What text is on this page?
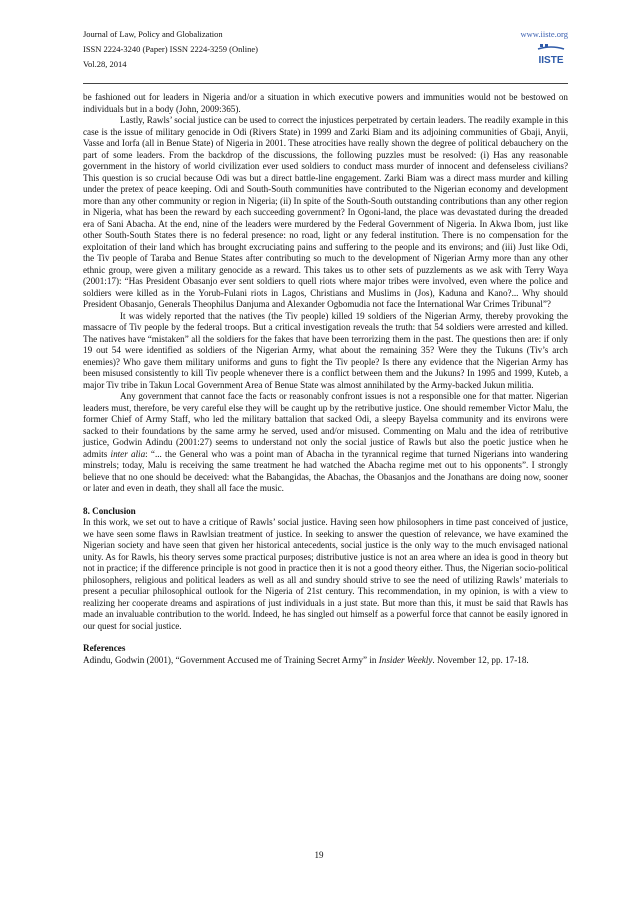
Journal of Law, Policy and Globalization
ISSN 2224-3240 (Paper) ISSN 2224-3259 (Online)
Vol.28, 2014
www.iiste.org
IISTE

be fashioned out for leaders in Nigeria and/or a situation in which executive powers and immunities would not be bestowed on individuals but in a body (John, 2009:365).

Lastly, Rawls’ social justice can be used to correct the injustices perpetrated by certain leaders. The readily example in this case is the issue of military genocide in Odi (Rivers State) in 1999 and Zarki Biam and its adjoining communities of Gbaji, Anyii, Vasse and Iorfa (all in Benue State) of Nigeria in 2001. These atrocities have really shown the degree of political debauchery on the part of some leaders. From the backdrop of the discussions, the following puzzles must be resolved: (i) Has any reasonable government in the history of world civilization ever used soldiers to conduct mass murder of innocent and defenseless civilians? This question is so crucial because Odi was but a direct battle-line engagement. Zarki Biam was a direct mass murder and killing under the pretex of peace keeping. Odi and South-South communities have contributed to the Nigerian economy and development more than any other community or region in Nigeria; (ii) In spite of the South-South outstanding contributions than any other region in Nigeria, what has been the reward by each succeeding government? In Ogoni-land, the place was devastated during the dreaded era of Sani Abacha. At the end, nine of the leaders were murdered by the Federal Government of Nigeria. In Akwa Ibom, just like other South-South States there is no federal presence: no road, light or any federal institution. There is no compensation for the exploitation of their land which has brought excruciating pains and suffering to the people and its environs; and (iii) Just like Odi, the Tiv people of Taraba and Benue States after contributing so much to the development of Nigerian Army more than any other ethnic group, were given a military genocide as a reward. This takes us to other sets of puzzlements as we ask with Terry Waya (2001:17): “Has President Obasanjo ever sent soldiers to quell riots where major tribes were involved, even where the police and soldiers were killed as in the Yorub-Fulani riots in Lagos, Christians and Muslims in (Jos), Kaduna and Kano?... Why should President Obasanjo, Generals Theophilus Danjuma and Alexander Ogbomudia not face the International War Crimes Tribunal”?

It was widely reported that the natives (the Tiv people) killed 19 soldiers of the Nigerian Army, thereby provoking the massacre of Tiv people by the federal troops. But a critical investigation reveals the truth: that 54 soldiers were arrested and killed. The natives have “mistaken” all the soldiers for the fakes that have been terrorizing them in the past. The questions then are: if only 19 out 54 were identified as soldiers of the Nigerian Army, what about the remaining 35? Were they the Tukuns (Tiv’s arch enemies)? Who gave them military uniforms and guns to fight the Tiv people? Is there any evidence that the Nigerian Army has been misused consistently to kill Tiv people whenever there is a conflict between them and the Jukuns? In 1995 and 1999, Kuteb, a major Tiv tribe in Takun Local Government Area of Benue State was almost annihilated by the Army-backed Jukun militia.

Any government that cannot face the facts or reasonably confront issues is not a responsible one for that matter. Nigerian leaders must, therefore, be very careful else they will be caught up by the retributive justice. One should remember Victor Malu, the former Chief of Army Staff, who led the military battalion that sacked Odi, a sleepy Bayelsa community and its environs were sacked to their foundations by the same army he served, used and/or misused. Commenting on Malu and the idea of retributive justice, Godwin Adindu (2001:27) seems to understand not only the social justice of Rawls but also the poetic justice when he admits inter alia: “... the General who was a point man of Abacha in the tyrannical regime that turned Nigerians into wandering minstrels; today, Malu is receiving the same treatment he had watched the Abacha regime met out to his opponents”. I strongly believe that no one should be deceived: what the Babangidas, the Abachas, the Obasanjos and the Jonathans are doing now, sooner or later and even in death, they shall all face the music.

8. Conclusion

In this work, we set out to have a critique of Rawls’ social justice. Having seen how philosophers in time past conceived of justice, we have seen some flaws in Rawlsian treatment of justice. In seeking to answer the question of relevance, we have examined the Nigerian society and have seen that given her historical antecedents, social justice is the only way to the much envisaged national unity. As for Rawls, his theory serves some practical purposes; distributive justice is not an area where an idea is good in theory but not in practice; if the difference principle is not good in practice then it is not a good theory either. Thus, the Nigerian socio-political philosophers, religious and political leaders as well as all and sundry should strive to see the need of utilizing Rawls’ materials to present a peculiar philosophical outlook for the Nigeria of 21st century. This recommendation, in my opinion, is with a view to realizing her cooperate dreams and aspirations of just individuals in a just state. But more than this, it must be said that Rawls has made an invaluable contribution to the world. Indeed, he has singled out himself as a powerful force that cannot be easily ignored in our quest for social justice.

References

Adindu, Godwin (2001), “Government Accused me of Training Secret Army” in Insider Weekly. November 12, pp. 17-18.

19
